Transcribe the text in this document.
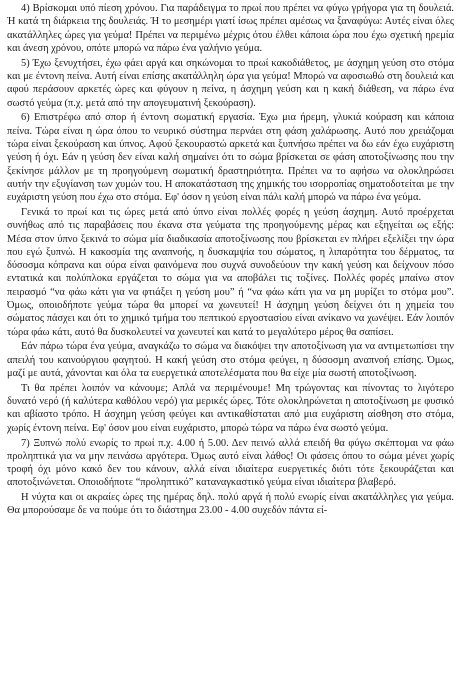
4) Βρίσκομαι υπό πίεση χρόνου. Για παράδειγμα το πρωί που πρέπει να φύγω γρήγορα για τη δουλειά. Ή κατά τη διάρκεια της δουλειάς. Ή το μεσημέρι γιατί ίσως πρέπει αμέσως να ξαναφύγω: Αυτές είναι όλες ακατάλληλες ώρες για γεύμα! Πρέπει να περιμένω μέχρις ότου έλθει κάποια ώρα που έχω σχετική ηρεμία και άνεση χρόνου, οπότε μπορώ να πάρω ένα γαλήνιο γεύμα.

5) Έχω ξενυχτήσει, έχω φάει αργά και σηκώνομαι το πρωί κακοδιάθετος, με άσχημη γεύση στο στόμα και με έντονη πείνα. Αυτή είναι επίσης ακατάλληλη ώρα για γεύμα! Μπορώ να αφοσιωθώ στη δουλειά και αφού περάσουν αρκετές ώρες και φύγουν η πείνα, η άσχημη γεύση και η κακή διάθεση, να πάρω ένα σωστό γεύμα (π.χ. μετά από την απογευματινή ξεκούραση).

6) Επιστρέφω από σπορ ή έντονη σωματική εργασία. Έχω μια ήρεμη, γλυκιά κούραση και κάποια πείνα. Τώρα είναι η ώρα όπου το νευρικό σύστημα περνάει στη φάση χαλάρωσης. Αυτό που χρειάζομαι τώρα είναι ξεκούραση και ύπνος. Αφού ξεκουραστώ αρκετά και ξυπνήσω πρέπει να δω εάν έχω ευχάριστη γεύση ή όχι. Εάν η γεύση δεν είναι καλή σημαίνει ότι το σώμα βρίσκεται σε φάση αποτοξίνωσης που την ξεκίνησε μάλλον με τη προηγούμενη σωματική δραστηριότητα. Πρέπει να το αφήσω να ολοκληρώσει αυτήν την εξυγίανση των χυμών του. Η αποκατάσταση της χημικής του ισορροπίας σηματοδοτείται με την ευχάριστη γεύση που έχω στο στόμα. Εφ' όσον η γεύση είναι πάλι καλή μπορώ να πάρω ένα γεύμα.

Γενικά το πρωί και τις ώρες μετά από ύπνο είναι πολλές φορές η γεύση άσχημη. Αυτό προέρχεται συνήθως από τις παραβάσεις που έκανα στα γεύματα της προηγούμενης μέρας και εξηγείται ως εξής: Μέσα στον ύπνο ξεκινά το σώμα μία διαδικασία αποτοξίνωσης που βρίσκεται εν πλήρει εξελίξει την ώρα που εγώ ξυπνώ. Η κακοσμία της αναπνοής, η δυσκαμψία του σώματος, η λιπαρότητα του δέρματος, τα δύσοσμα κόπρανα και ούρα είναι φαινόμενα που συχνά συνοδεύουν την κακή γεύση και δείχνουν πόσο εντατικά και πολύπλοκα εργάζεται το σώμα για να αποβάλει τις τοξίνες. Πολλές φορές μπαίνω στον πειρασμό “να φάω κάτι για να φτιάξει η γεύση μου” ή “να φάω κάτι για να μη μυρίζει το στόμα μου”. Όμως, οποιοδήποτε γεύμα τώρα θα μπορεί να χωνευτεί! Η άσχημη γεύση δείχνει ότι η χημεία του σώματος πάσχει και ότι το χημικό τμήμα του πεπτικού εργοστασίου είναι ανίκανο να χωνέψει. Εάν λοιπόν τώρα φάω κάτι, αυτό θα δυσκολευτεί να χωνευτεί και κατά το μεγαλύτερο μέρος θα σαπίσει.

Εάν πάρω τώρα ένα γεύμα, αναγκάζω το σώμα να διακόψει την αποτοξίνωση για να αντιμετωπίσει την απειλή του καινούργιου φαγητού. Η κακή γεύση στο στόμα φεύγει, η δύσοσμη αναπνοή επίσης. Όμως, μαζί με αυτά, χάνονται και όλα τα ευεργετικά αποτελέσματα που θα είχε μία σωστή αποτοξίνωση.

Τι θα πρέπει λοιπόν να κάνουμε; Απλά να περιμένουμε! Μη τρώγοντας και πίνοντας το λιγότερο δυνατό νερό (ή καλύτερα καθόλου νερό) για μερικές ώρες. Τότε ολοκληρώνεται η αποτοξίνωση με φυσικό και αβίαστο τρόπο. Η άσχημη γεύση φεύγει και αντικαθίσταται από μια ευχάριστη αίσθηση στο στόμα, χωρίς έντονη πείνα. Εφ' όσον μου είναι ευχάριστο, μπορώ τώρα να πάρω ένα σωστό γεύμα.

7) Ξυπνώ πολύ ενωρίς το πρωί π.χ. 4.00 ή 5.00. Δεν πεινώ αλλά επειδή θα φύγω σκέπτομαι να φάω προληπτικά για να μην πεινάσω αργότερα. Όμως αυτό είναι λάθος! Οι φάσεις όπου το σώμα μένει χωρίς τροφή όχι μόνο κακό δεν του κάνουν, αλλά είναι ιδιαίτερα ευεργετικές διότι τότε ξεκουράζεται και αποτοξινώνεται. Οποιοδήποτε “προληπτικό” καταναγκαστικό γεύμα είναι ιδιαίτερα βλαβερό.

Η νύχτα και οι ακραίες ώρες της ημέρας δηλ. πολύ αργά ή πολύ ενωρίς είναι ακατάλληλες για γεύμα. Θα μπορούσαμε δε να πούμε ότι το διάστημα 23.00 - 4.00 συχεδόν πάντα εί-
